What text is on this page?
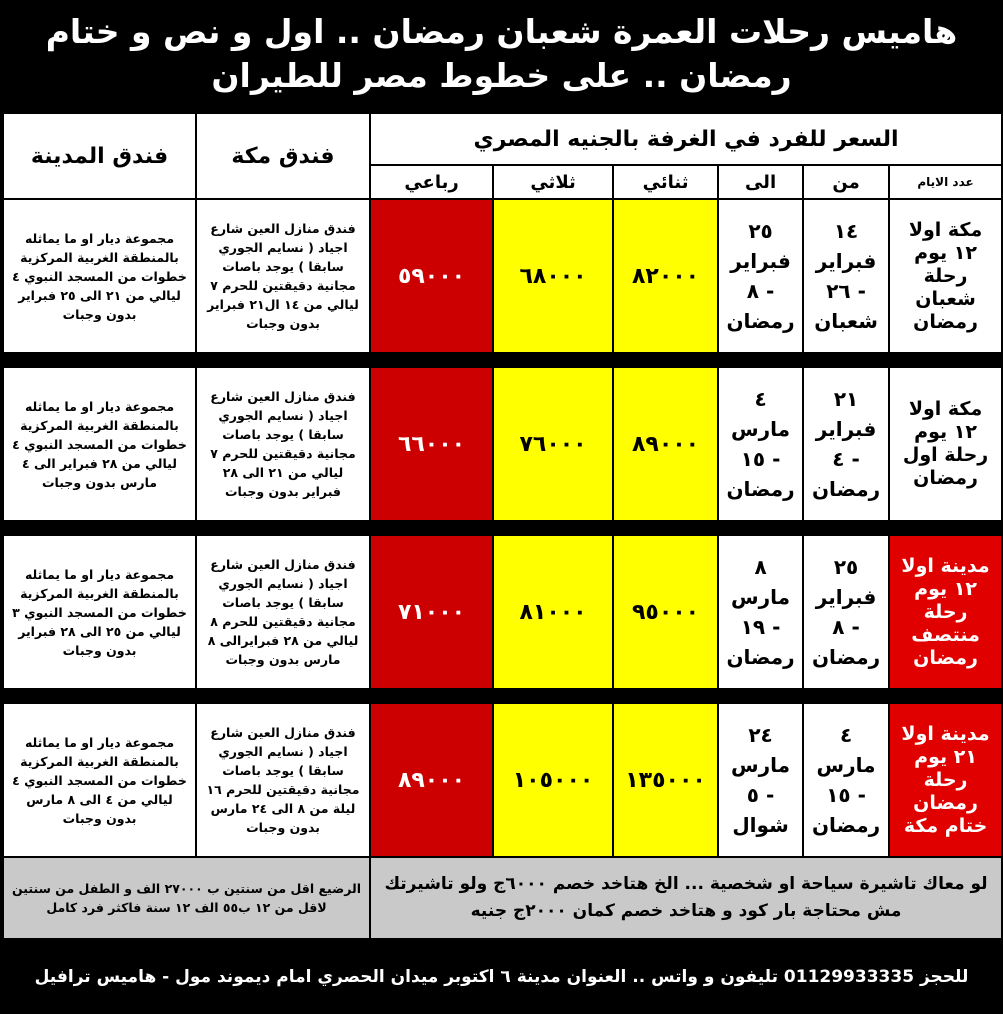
هاميس رحلات العمرة شعبان رمضان .. اول و نص و ختام
رمضان .. على خطوط مصر للطيران
السعر للفرد في الغرفة بالجنيه المصري						فندق مكة	فندق المدينة
عدد الايام	من	الى	ثنائي	ثلاثي	رباعي		
مكة اولا ١٢ يوم رحلة شعبان رمضان	١٤ فبراير - ٢٦ شعبان	٢٥ فبراير - ٨ رمضان	٨٢٠٠٠	٦٨٠٠٠	٥٩٠٠٠	فندق منازل العين شارع اجياد ( نسايم الجوري سابقا ) يوجد باصات مجانية دقيقتين للحرم ٧ ليالي من ١٤ ال٢١ فبراير بدون وجبات	مجموعة ديار او ما يماثله بالمنطقة الغربية المركزية خطوات من المسجد النبوي ٤ ليالي من ٢١ الى ٢٥ فبراير بدون وجبات

مكة اولا ١٢ يوم رحلة اول رمضان	٢١ فبراير - ٤ رمضان	٤ مارس - ١٥ رمضان	٨٩٠٠٠	٧٦٠٠٠	٦٦٠٠٠	فندق منازل العين شارع اجياد ( نسايم الجوري سابقا ) يوجد باصات مجانية دقيقتين للحرم ٧ ليالي من ٢١ الى ٢٨ فبراير بدون وجبات	مجموعة ديار او ما يماثله بالمنطقة الغربية المركزية خطوات من المسجد النبوي ٤ ليالي من ٢٨ فبراير الى ٤ مارس بدون وجبات

مدينة اولا ١٢ يوم رحلة منتصف رمضان	٢٥ فبراير - ٨ رمضان	٨ مارس - ١٩ رمضان	٩٥٠٠٠	٨١٠٠٠	٧١٠٠٠	فندق منازل العين شارع اجياد ( نسايم الجوري سابقا ) يوجد باصات مجانية دقيقتين للحرم ٨ ليالي من ٢٨ فبرايرالى ٨ مارس بدون وجبات	مجموعة ديار او ما يماثله بالمنطقة الغربية المركزية خطوات من المسجد النبوي ٣ ليالي من ٢٥ الى ٢٨ فبراير بدون وجبات

مدينة اولا ٢١ يوم رحلة رمضان ختام مكة	٤ مارس - ١٥ رمضان	٢٤ مارس - ٥ شوال	١٣٥٠٠٠	١٠٥٠٠٠	٨٩٠٠٠	فندق منازل العين شارع اجياد ( نسايم الجوري سابقا ) يوجد باصات مجانية دقيقتين للحرم ١٦ ليلة من ٨ الى ٢٤ مارس بدون وجبات	مجموعة ديار او ما يماثله بالمنطقة الغربية المركزية خطوات من المسجد النبوي ٤ ليالي من ٤ الى ٨ مارس بدون وجبات
لو معاك تاشيرة سياحة او شخصية ... الخ هتاخد خصم ٦٠٠٠ج ولو تاشيرتك مش محتاجة بار كود و هتاخد خصم كمان ٢٠٠٠ج جنيه						الرضيع اقل من سنتين ب ٢٧٠٠٠ الف و الطفل من سنتين لاقل من ١٢ ب٥٥ الف ١٢ سنة فاكثر فرد كامل	
للحجز 01129933335 تليفون و واتس .. العنوان مدينة ٦ اكتوبر ميدان الحصري امام ديموند مول - هاميس ترافيل
